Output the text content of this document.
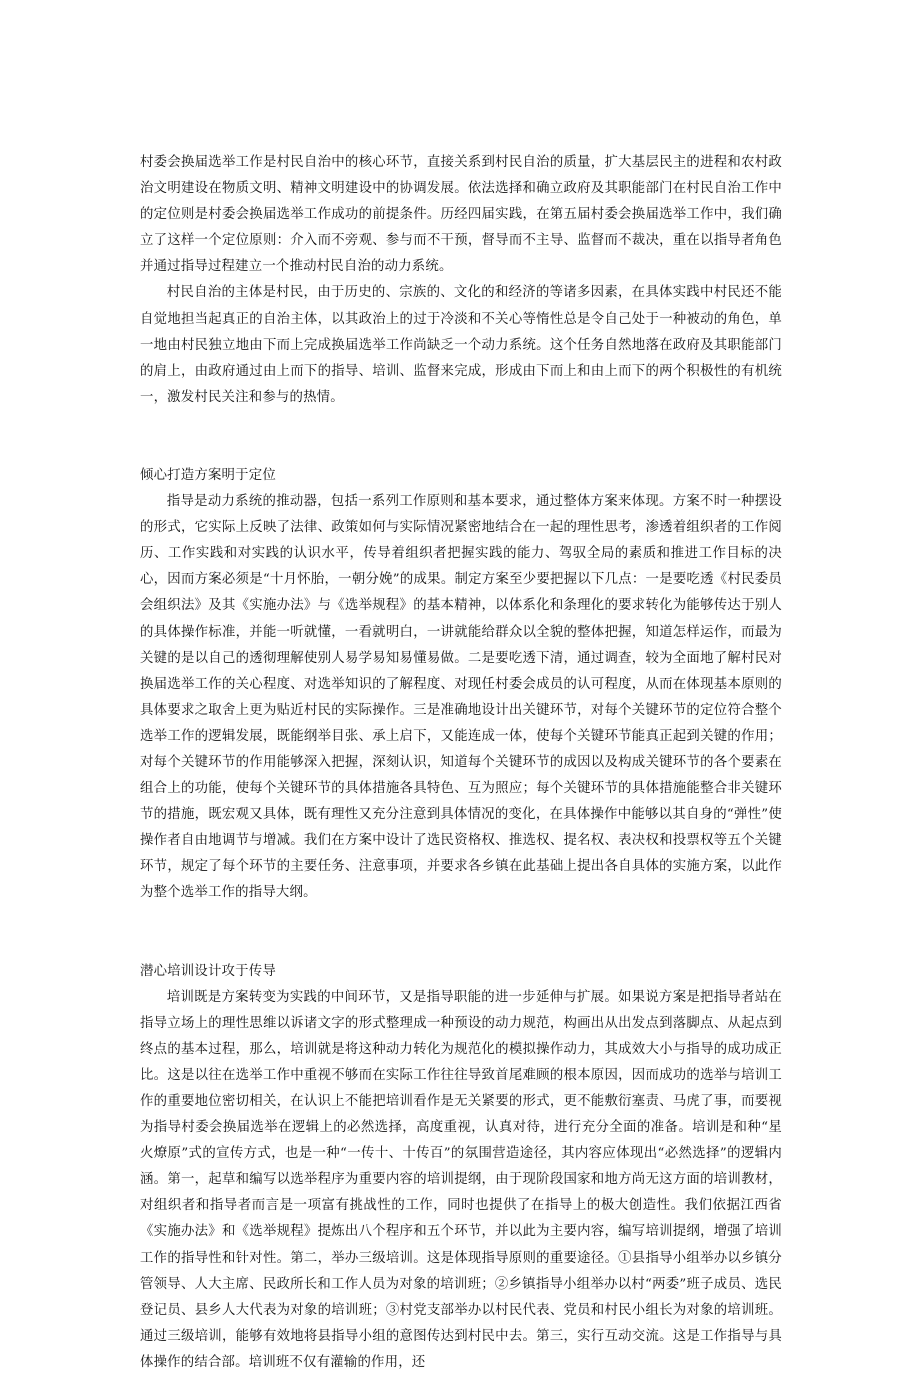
村委会换届选举工作是村民自治中的核心环节，直接关系到村民自治的质量，扩大基层民主的进程和农村政治文明建设在物质文明、精神文明建设中的协调发展。依法选择和确立政府及其职能部门在村民自治工作中的定位则是村委会换届选举工作成功的前提条件。历经四届实践，在第五届村委会换届选举工作中，我们确立了这样一个定位原则：介入而不旁观、参与而不干预，督导而不主导、监督而不裁决，重在以指导者角色并通过指导过程建立一个推动村民自治的动力系统。

村民自治的主体是村民，由于历史的、宗族的、文化的和经济的等诸多因素，在具体实践中村民还不能自觉地担当起真正的自治主体，以其政治上的过于冷淡和不关心等惰性总是令自己处于一种被动的角色，单一地由村民独立地由下而上完成换届选举工作尚缺乏一个动力系统。这个任务自然地落在政府及其职能部门的肩上，由政府通过由上而下的指导、培训、监督来完成，形成由下而上和由上而下的两个积极性的有机统一，激发村民关注和参与的热情。

倾心打造方案明于定位

指导是动力系统的推动器，包括一系列工作原则和基本要求，通过整体方案来体现。方案不时一种摆设的形式，它实际上反映了法律、政策如何与实际情况紧密地结合在一起的理性思考，渗透着组织者的工作阅历、工作实践和对实践的认识水平，传导着组织者把握实践的能力、驾驭全局的素质和推进工作目标的决心，因而方案必须是“十月怀胎，一朝分娩”的成果。制定方案至少要把握以下几点：一是要吃透《村民委员会组织法》及其《实施办法》与《选举规程》的基本精神，以体系化和条理化的要求转化为能够传达于别人的具体操作标准，并能一听就懂，一看就明白，一讲就能给群众以全貌的整体把握，知道怎样运作，而最为关键的是以自己的透彻理解使别人易学易知易懂易做。二是要吃透下清，通过调查，较为全面地了解村民对换届选举工作的关心程度、对选举知识的了解程度、对现任村委会成员的认可程度，从而在体现基本原则的具体要求之取舍上更为贴近村民的实际操作。三是准确地设计出关键环节，对每个关键环节的定位符合整个选举工作的逻辑发展，既能纲举目张、承上启下，又能连成一体，使每个关键环节能真正起到关键的作用；对每个关键环节的作用能够深入把握，深刻认识，知道每个关键环节的成因以及构成关键环节的各个要素在组合上的功能，使每个关键环节的具体措施各具特色、互为照应；每个关键环节的具体措施能整合非关键环节的措施，既宏观又具体，既有理性又充分注意到具体情况的变化，在具体操作中能够以其自身的“弹性”使操作者自由地调节与增减。我们在方案中设计了选民资格权、推选权、提名权、表决权和投票权等五个关键环节，规定了每个环节的主要任务、注意事项，并要求各乡镇在此基础上提出各自具体的实施方案，以此作为整个选举工作的指导大纲。

潜心培训设计攻于传导

培训既是方案转变为实践的中间环节，又是指导职能的进一步延伸与扩展。如果说方案是把指导者站在指导立场上的理性思维以诉诸文字的形式整理成一种预设的动力规范，构画出从出发点到落脚点、从起点到终点的基本过程，那么，培训就是将这种动力转化为规范化的模拟操作动力，其成效大小与指导的成功成正比。这是以往在选举工作中重视不够而在实际工作往往导致首尾难顾的根本原因，因而成功的选举与培训工作的重要地位密切相关，在认识上不能把培训看作是无关紧要的形式，更不能敷衍塞责、马虎了事，而要视为指导村委会换届选举在逻辑上的必然选择，高度重视，认真对待，进行充分全面的准备。培训是和种“星火燎原”式的宣传方式，也是一种“一传十、十传百”的氛围营造途径，其内容应体现出“必然选择”的逻辑内涵。第一，起草和编写以选举程序为重要内容的培训提纲，由于现阶段国家和地方尚无这方面的培训教材，对组织者和指导者而言是一项富有挑战性的工作，同时也提供了在指导上的极大创造性。我们依据江西省《实施办法》和《选举规程》提炼出八个程序和五个环节，并以此为主要内容，编写培训提纲，增强了培训工作的指导性和针对性。第二，举办三级培训。这是体现指导原则的重要途径。①县指导小组举办以乡镇分管领导、人大主席、民政所长和工作人员为对象的培训班；②乡镇指导小组举办以村“两委”班子成员、选民登记员、县乡人大代表为对象的培训班；③村党支部举办以村民代表、党员和村民小组长为对象的培训班。通过三级培训，能够有效地将县指导小组的意图传达到村民中去。第三，实行互动交流。这是工作指导与具体操作的结合部。培训班不仅有灌输的作用，还
